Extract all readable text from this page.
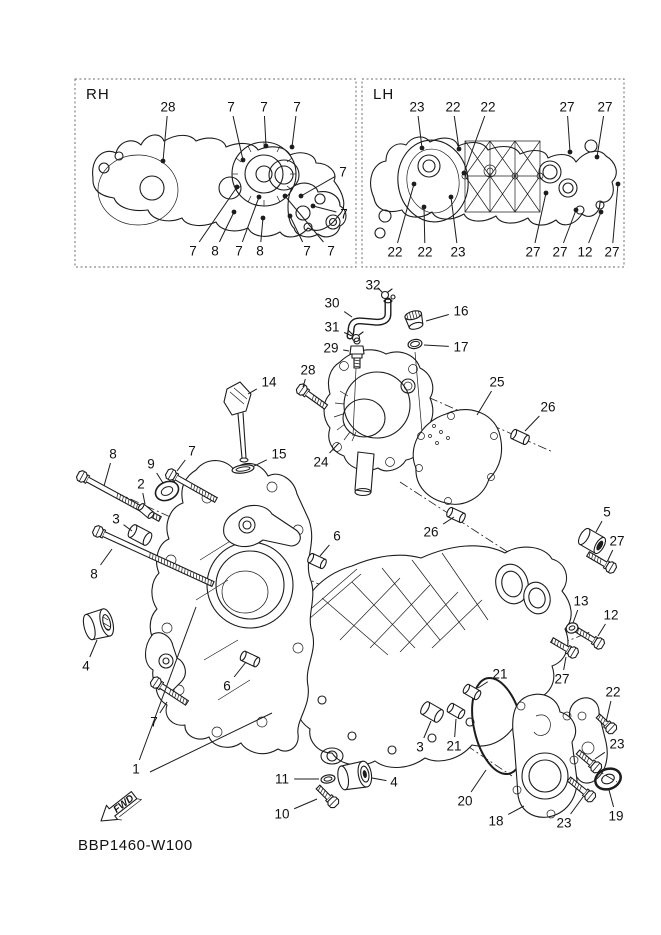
RH	LH
FWD
BBP1460-W100
28	7 7 7
7
7
7 8 7 8	7 7
23 22 22	27 27
22 22 23	27 27 12 27
32
30
31
29
16
17
28
14
24
25
26
26
15
7
8
9
2
3
8
5
27
13
12
27
22
23
19
23
18
20
21
3 21
6
6
4
7
11
10
4
1
